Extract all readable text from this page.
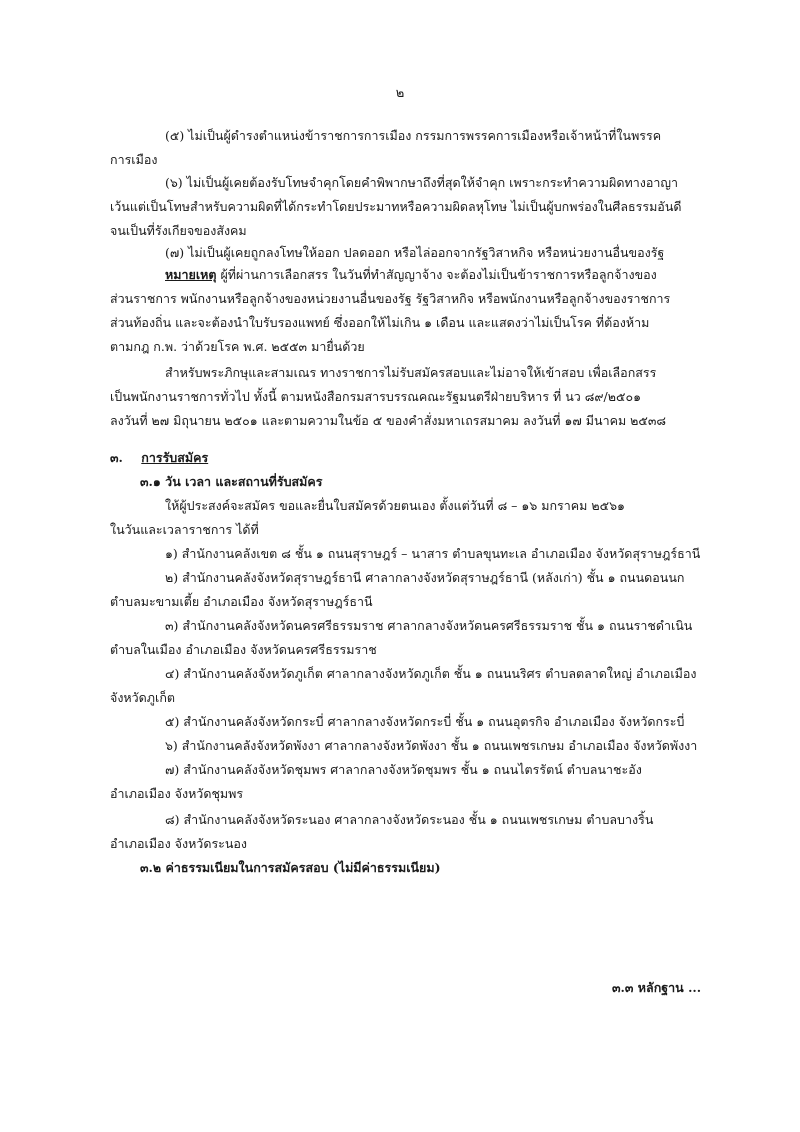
๒
(๕) ไม่เป็นผู้ดำรงตำแหน่งข้าราชการการเมือง กรรมการพรรคการเมืองหรือเจ้าหน้าที่ในพรรค
การเมือง
(๖) ไม่เป็นผู้เคยต้องรับโทษจำคุกโดยคำพิพากษาถึงที่สุดให้จำคุก เพราะกระทำความผิดทางอาญา
เว้นแต่เป็นโทษสำหรับความผิดที่ได้กระทำโดยประมาทหรือความผิดลหุโทษ ไม่เป็นผู้บกพร่องในศีลธรรมอันดี
จนเป็นที่รังเกียจของสังคม
(๗) ไม่เป็นผู้เคยถูกลงโทษให้ออก ปลดออก หรือไล่ออกจากรัฐวิสาหกิจ หรือหน่วยงานอื่นของรัฐ
หมายเหตุ ผู้ที่ผ่านการเลือกสรร ในวันที่ทำสัญญาจ้าง จะต้องไม่เป็นข้าราชการหรือลูกจ้างของ
ส่วนราชการ พนักงานหรือลูกจ้างของหน่วยงานอื่นของรัฐ รัฐวิสาหกิจ หรือพนักงานหรือลูกจ้างของราชการ
ส่วนท้องถิ่น และจะต้องนำใบรับรองแพทย์ ซึ่งออกให้ไม่เกิน ๑ เดือน และแสดงว่าไม่เป็นโรค ที่ต้องห้าม
ตามกฎ ก.พ. ว่าด้วยโรค พ.ศ. ๒๕๕๓ มายื่นด้วย
สำหรับพระภิกษุและสามเณร ทางราชการไม่รับสมัครสอบและไม่อาจให้เข้าสอบ เพื่อเลือกสรร
เป็นพนักงานราชการทั่วไป ทั้งนี้ ตามหนังสือกรมสารบรรณคณะรัฐมนตรีฝ่ายบริหาร ที่ นว ๘๙/๒๕๐๑
ลงวันที่ ๒๗ มิถุนายน ๒๕๐๑ และตามความในข้อ ๕ ของคำสั่งมหาเถรสมาคม ลงวันที่ ๑๗ มีนาคม ๒๕๓๘
๓. การรับสมัคร
๓.๑ วัน เวลา และสถานที่รับสมัคร
ให้ผู้ประสงค์จะสมัคร ขอและยื่นใบสมัครด้วยตนเอง ตั้งแต่วันที่ ๘ – ๑๖ มกราคม ๒๕๖๑
ในวันและเวลาราชการ ได้ที่
๑) สำนักงานคลังเขต ๘ ชั้น ๑ ถนนสุราษฎร์ – นาสาร ตำบลขุนทะเล อำเภอเมือง จังหวัดสุราษฎร์ธานี
๒) สำนักงานคลังจังหวัดสุราษฎร์ธานี ศาลากลางจังหวัดสุราษฎร์ธานี (หลังเก่า) ชั้น ๑ ถนนดอนนก
ตำบลมะขามเตี้ย อำเภอเมือง จังหวัดสุราษฎร์ธานี
๓) สำนักงานคลังจังหวัดนครศรีธรรมราช ศาลากลางจังหวัดนครศรีธรรมราช ชั้น ๑ ถนนราชดำเนิน
ตำบลในเมือง อำเภอเมือง จังหวัดนครศรีธรรมราช
๔) สำนักงานคลังจังหวัดภูเก็ต ศาลากลางจังหวัดภูเก็ต ชั้น ๑ ถนนนริศร ตำบลตลาดใหญ่ อำเภอเมือง
จังหวัดภูเก็ต
๕) สำนักงานคลังจังหวัดกระบี่ ศาลากลางจังหวัดกระบี่ ชั้น ๑ ถนนอุตรกิจ อำเภอเมือง จังหวัดกระบี่
๖) สำนักงานคลังจังหวัดพังงา ศาลากลางจังหวัดพังงา ชั้น ๑ ถนนเพชรเกษม อำเภอเมือง จังหวัดพังงา
๗) สำนักงานคลังจังหวัดชุมพร ศาลากลางจังหวัดชุมพร ชั้น ๑ ถนนไตรรัตน์ ตำบลนาชะอัง
อำเภอเมือง จังหวัดชุมพร
๘) สำนักงานคลังจังหวัดระนอง ศาลากลางจังหวัดระนอง ชั้น ๑ ถนนเพชรเกษม ตำบลบางริ้น
อำเภอเมือง จังหวัดระนอง
๓.๒ ค่าธรรมเนียมในการสมัครสอบ (ไม่มีค่าธรรมเนียม)
๓.๓ หลักฐาน ...
